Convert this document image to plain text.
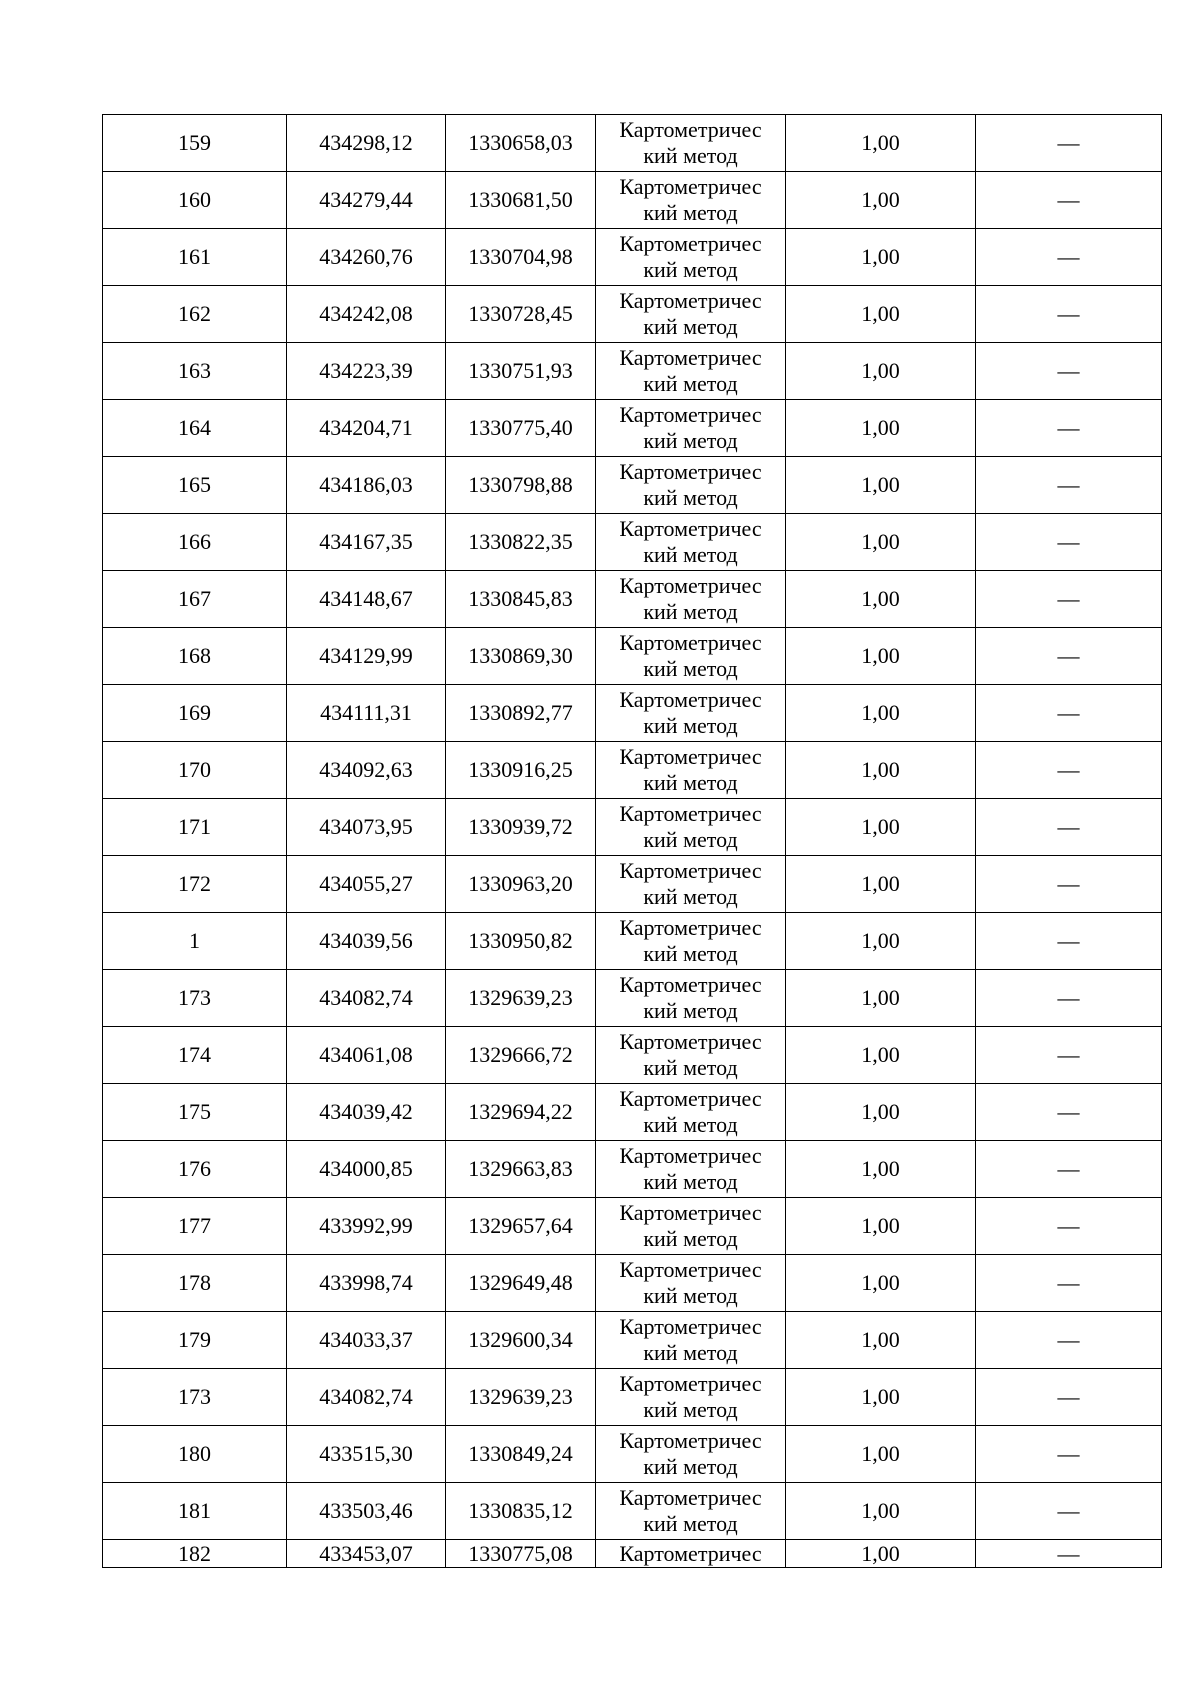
159	434298,12	1330658,03	Картометричес
кий метод	1,00	—
160	434279,44	1330681,50	Картометричес
кий метод	1,00	—
161	434260,76	1330704,98	Картометричес
кий метод	1,00	—
162	434242,08	1330728,45	Картометричес
кий метод	1,00	—
163	434223,39	1330751,93	Картометричес
кий метод	1,00	—
164	434204,71	1330775,40	Картометричес
кий метод	1,00	—
165	434186,03	1330798,88	Картометричес
кий метод	1,00	—
166	434167,35	1330822,35	Картометричес
кий метод	1,00	—
167	434148,67	1330845,83	Картометричес
кий метод	1,00	—
168	434129,99	1330869,30	Картометричес
кий метод	1,00	—
169	434111,31	1330892,77	Картометричес
кий метод	1,00	—
170	434092,63	1330916,25	Картометричес
кий метод	1,00	—
171	434073,95	1330939,72	Картометричес
кий метод	1,00	—
172	434055,27	1330963,20	Картометричес
кий метод	1,00	—
1	434039,56	1330950,82	Картометричес
кий метод	1,00	—
173	434082,74	1329639,23	Картометричес
кий метод	1,00	—
174	434061,08	1329666,72	Картометричес
кий метод	1,00	—
175	434039,42	1329694,22	Картометричес
кий метод	1,00	—
176	434000,85	1329663,83	Картометричес
кий метод	1,00	—
177	433992,99	1329657,64	Картометричес
кий метод	1,00	—
178	433998,74	1329649,48	Картометричес
кий метод	1,00	—
179	434033,37	1329600,34	Картометричес
кий метод	1,00	—
173	434082,74	1329639,23	Картометричес
кий метод	1,00	—
180	433515,30	1330849,24	Картометричес
кий метод	1,00	—
181	433503,46	1330835,12	Картометричес
кий метод	1,00	—
182	433453,07	1330775,08	Картометричес	1,00	—
